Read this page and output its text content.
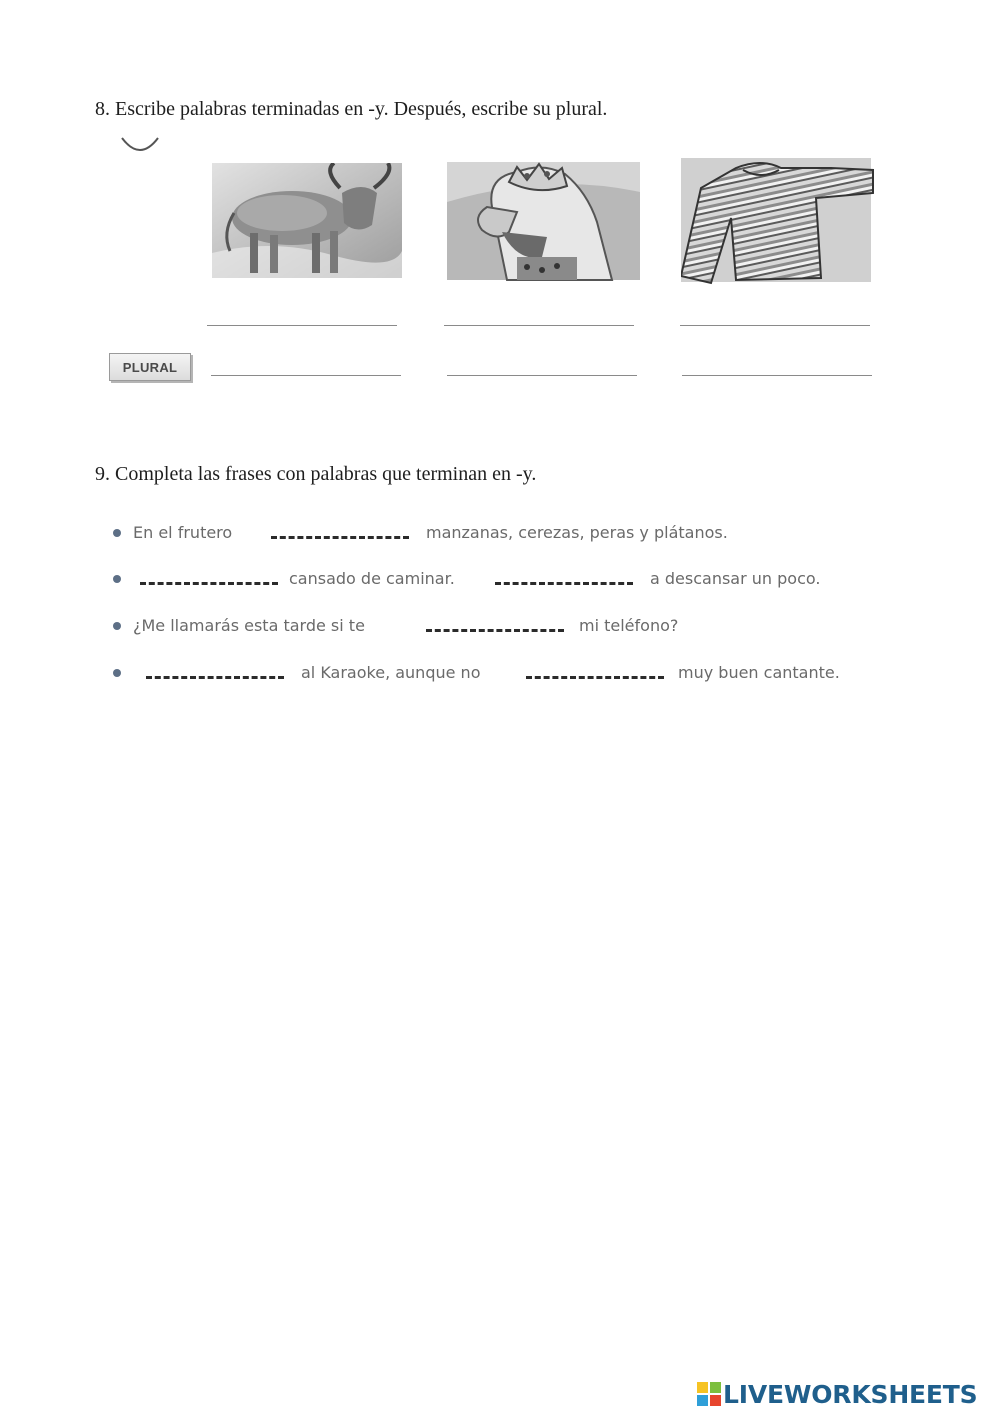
8. Escribe palabras terminadas en -y. Después, escribe su plural.
PLURAL
9. Completa las frases con palabras que terminan en -y.
En el frutero	manzanas, cerezas, peras y plátanos.
cansado de caminar.	a descansar un poco.
¿Me llamarás esta tarde si te	mi teléfono?
al Karaoke, aunque no	muy buen cantante.
LIVEWORKSHEETS
